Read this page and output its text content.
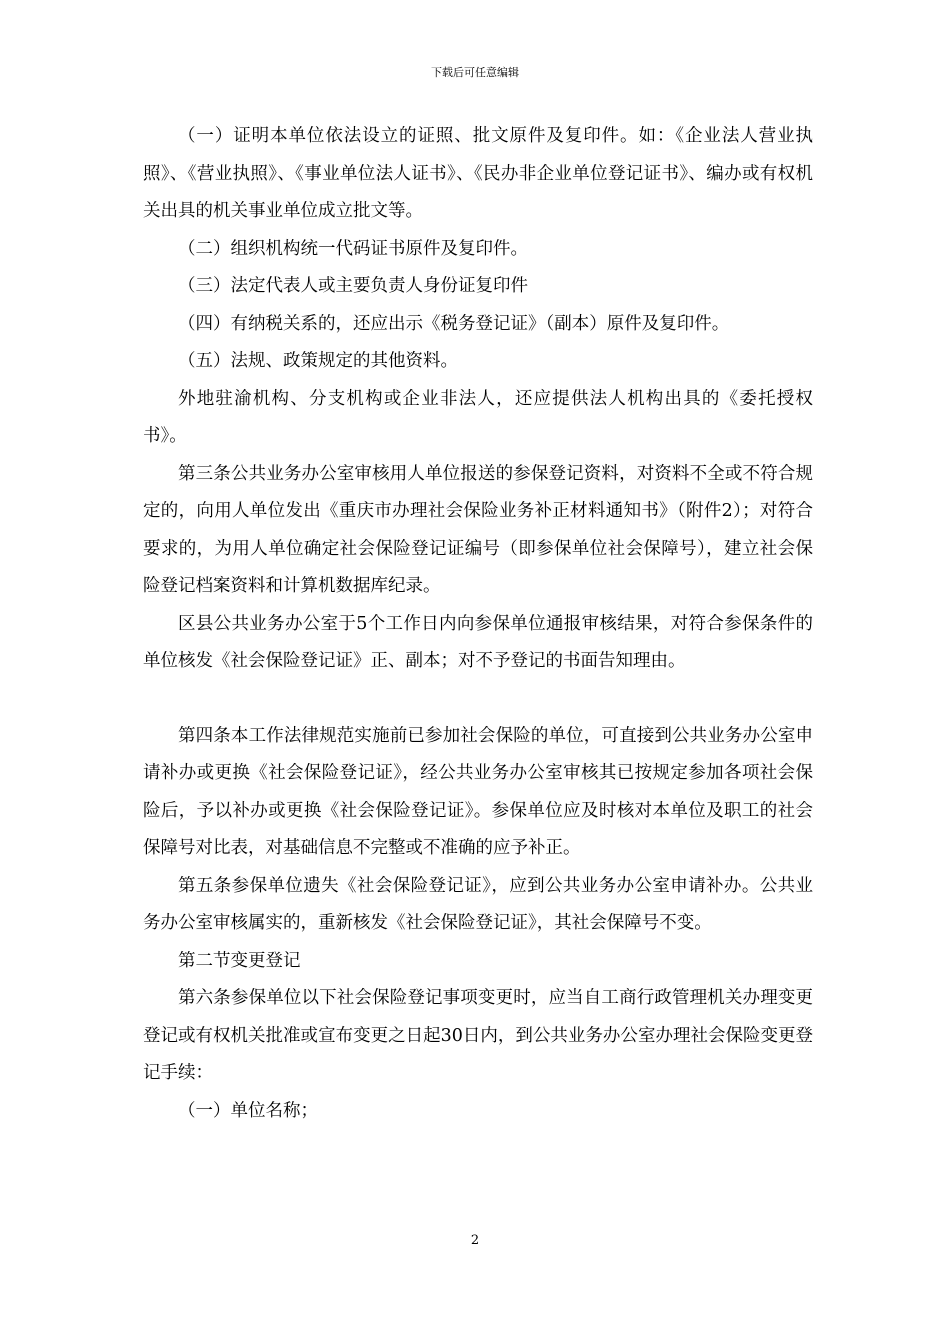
下载后可任意编辑

（一）证明本单位依法设立的证照、批文原件及复印件。如：《企业法人营业执照》、《营业执照》、《事业单位法人证书》、《民办非企业单位登记证书》、编办或有权机关出具的机关事业单位成立批文等。

（二）组织机构统一代码证书原件及复印件。

（三）法定代表人或主要负责人身份证复印件

（四）有纳税关系的，还应出示《税务登记证》（副本）原件及复印件。

（五）法规、政策规定的其他资料。

外地驻渝机构、分支机构或企业非法人，还应提供法人机构出具的《委托授权书》。

第三条公共业务办公室审核用人单位报送的参保登记资料，对资料不全或不符合规定的，向用人单位发出《重庆市办理社会保险业务补正材料通知书》（附件2）；对符合要求的，为用人单位确定社会保险登记证编号（即参保单位社会保障号），建立社会保险登记档案资料和计算机数据库纪录。

区县公共业务办公室于5个工作日内向参保单位通报审核结果，对符合参保条件的单位核发《社会保险登记证》正、副本；对不予登记的书面告知理由。

第四条本工作法律规范实施前已参加社会保险的单位，可直接到公共业务办公室申请补办或更换《社会保险登记证》，经公共业务办公室审核其已按规定参加各项社会保险后，予以补办或更换《社会保险登记证》。参保单位应及时核对本单位及职工的社会保障号对比表，对基础信息不完整或不准确的应予补正。

第五条参保单位遗失《社会保险登记证》，应到公共业务办公室申请补办。公共业务办公室审核属实的，重新核发《社会保险登记证》，其社会保障号不变。

第二节变更登记

第六条参保单位以下社会保险登记事项变更时，应当自工商行政管理机关办理变更登记或有权机关批准或宣布变更之日起30日内，到公共业务办公室办理社会保险变更登记手续：

（一）单位名称；

2
